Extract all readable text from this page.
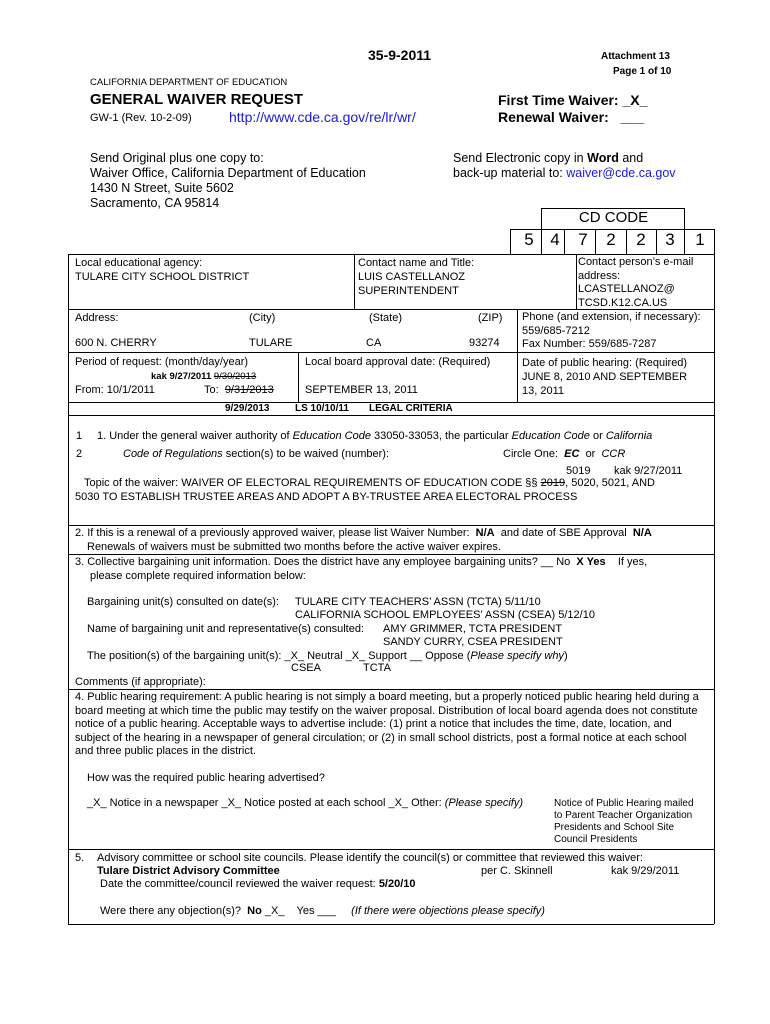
35-9-2011	Attachment 13
Page 1 of 10
CALIFORNIA DEPARTMENT OF EDUCATION
GENERAL WAIVER REQUEST
GW-1 (Rev. 10-2-09)	http://www.cde.ca.gov/re/lr/wr/
First Time Waiver: _X_
Renewal Waiver: ___
Send Original plus one copy to:
Waiver Office, California Department of Education
1430 N Street, Suite 5602
Sacramento, CA 95814
Send Electronic copy in Word and
back-up material to: waiver@cde.ca.gov
CD CODE
5 4	7	2	2	3	1
Local educational agency:
TULARE CITY SCHOOL DISTRICT
Contact name and Title:
LUIS CASTELLANOZ
SUPERINTENDENT
Contact person’s e-mail
address:
LCASTELLANOZ@
TCSD.K12.CA.US
Address:	(City)	(State)	(ZIP)
600 N. CHERRY	TULARE	CA	93274
Phone (and extension, if necessary):
559/685-7212
Fax Number: 559/685-7287
Period of request: (month/day/year)
kak 9/27/2011 9/30/2013
From: 10/1/2011	To: 9/31/2013
Local board approval date: (Required)
SEPTEMBER 13, 2011
Date of public hearing: (Required)
JUNE 8, 2010 AND SEPTEMBER
13, 2011
9/29/2013	LS 10/10/11 LEGAL CRITERIA
1
2
1. Under the general waiver authority of Education Code 33050-33053, the particular Education Code or California
Code of Regulations section(s) to be waived (number):	Circle One: EC or CCR
5019 kak 9/27/2011
Topic of the waiver: WAIVER OF ELECTORAL REQUIREMENTS OF EDUCATION CODE §§ 2019, 5020, 5021, AND
5030 TO ESTABLISH TRUSTEE AREAS AND ADOPT A BY-TRUSTEE AREA ELECTORAL PROCESS
2. If this is a renewal of a previously approved waiver, please list Waiver Number: N/A and date of SBE Approval N/A
Renewals of waivers must be submitted two months before the active waiver expires.
3. Collective bargaining unit information. Does the district have any employee bargaining units? __ No X Yes If yes,
please complete required information below:
Bargaining unit(s) consulted on date(s): TULARE CITY TEACHERS’ ASSN (TCTA) 5/11/10
CALIFORNIA SCHOOL EMPLOYEES’ ASSN (CSEA) 5/12/10
Name of bargaining unit and representative(s) consulted: AMY GRIMMER, TCTA PRESIDENT
SANDY CURRY, CSEA PRESIDENT
The position(s) of the bargaining unit(s): _X_ Neutral _X_ Support __ Oppose (Please specify why)
CSEA	TCTA
Comments (if appropriate):
4. Public hearing requirement: A public hearing is not simply a board meeting, but a properly noticed public hearing held during a board meeting at which time the public may testify on the waiver proposal. Distribution of local board agenda does not constitute notice of a public hearing. Acceptable ways to advertise include: (1) print a notice that includes the time, date, location, and subject of the hearing in a newspaper of general circulation; or (2) in small school districts, post a formal notice at each school and three public places in the district.
How was the required public hearing advertised?
_X_ Notice in a newspaper _X_ Notice posted at each school _X_ Other: (Please specify)	Notice of Public Hearing mailed
to Parent Teacher Organization
Presidents and School Site
Council Presidents
5. Advisory committee or school site councils. Please identify the council(s) or committee that reviewed this waiver:
Tulare District Advisory Committee	per C. Skinnell	kak 9/29/2011
Date the committee/council reviewed the waiver request: 5/20/10
Were there any objection(s)? No _X_ Yes ___ (If there were objections please specify)
